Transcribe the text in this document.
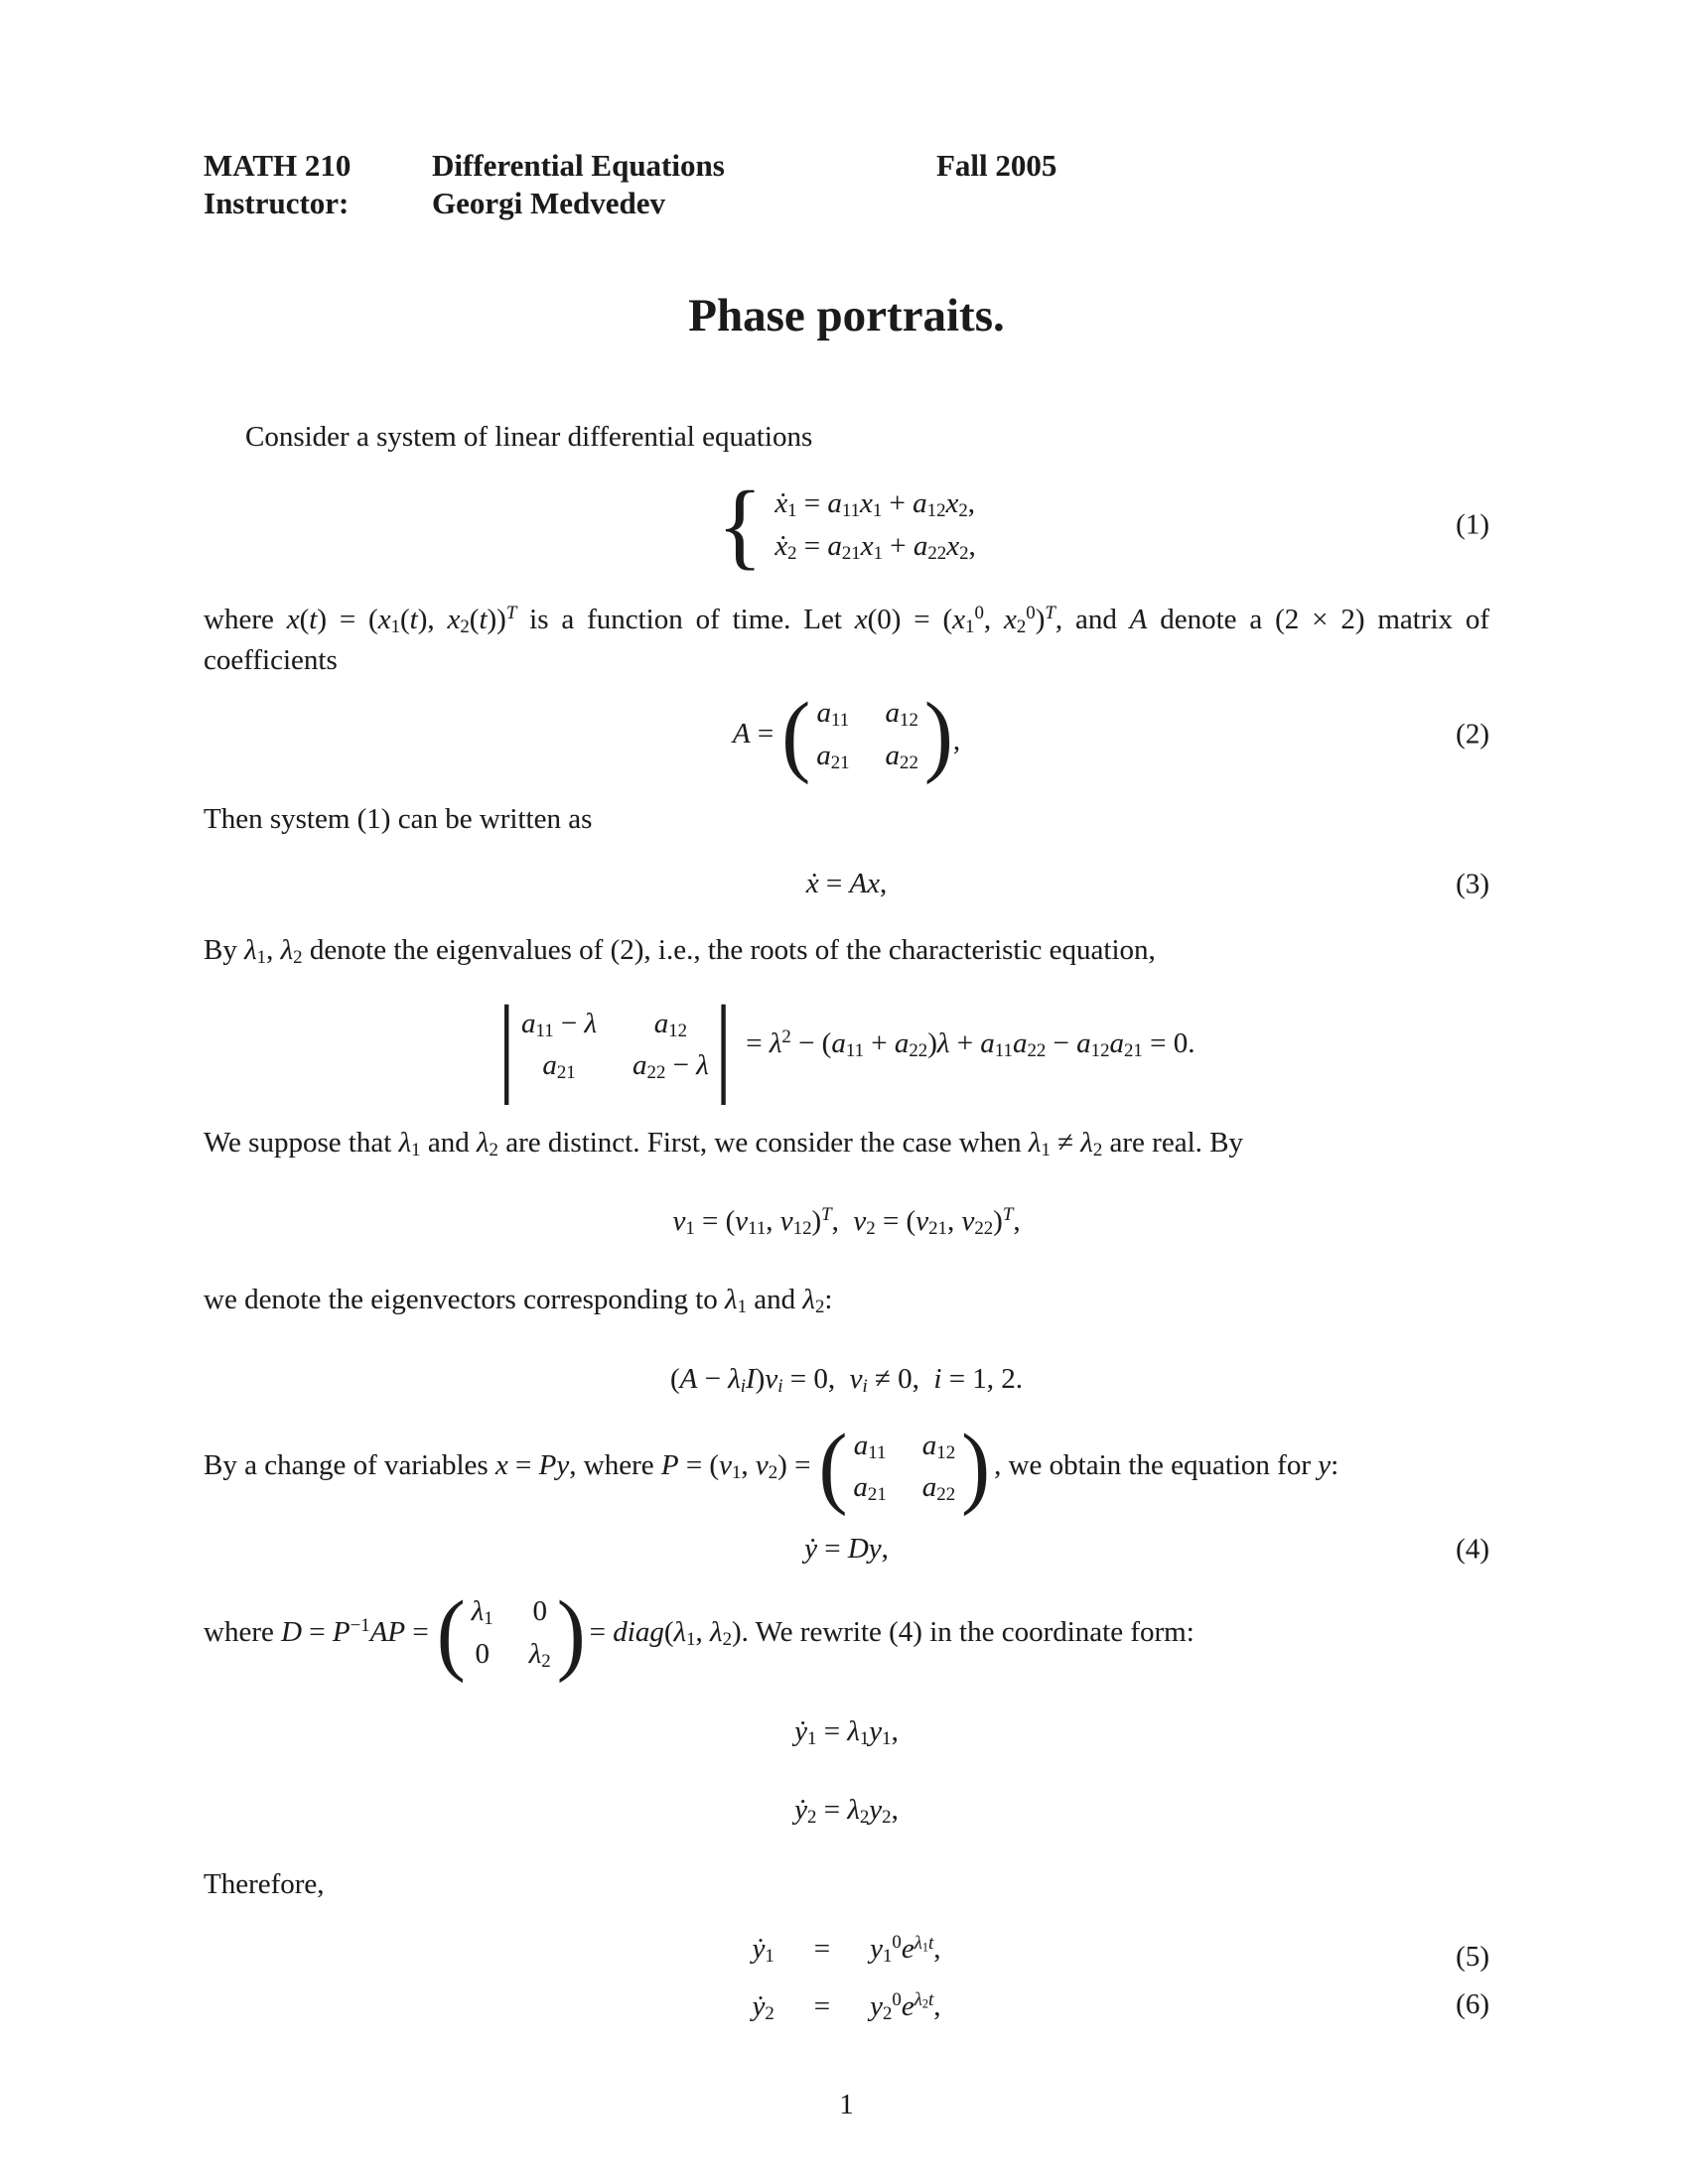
MATH 210	Differential Equations	Fall 2005
Instructor:	Georgi Medvedev
Phase portraits.

Consider a system of linear differential equations

{ $ẋ_1 = a_{11}x_1 + a_{12}x_2$,
$ẋ_2 = a_{21}x_1 + a_{22}x_2$,
(1)

where $x(t) = (x_1(t)$, $x_2(t))^T$ is a function of time. Let $x(0) = (x_1^0$, $x_2^0)^T$, and A denote a (2 × 2) matrix of
coefficients

A = ( $a_{11}$ $a_{12}$
$a_{21}$ $a_{22}$ ) ,	(2)

Then system (1) can be written as

ẋ = Ax,	(3)

By $\lambda_1$, $\lambda_2$ denote the eigenvalues of (2), i.e., the roots of the characteristic equation,

| $a_{11} - \lambda$ $a_{12}$
$a_{21}$ $a_{22} - \lambda$ | = $\lambda^2 - (a_{11} + a_{22})\lambda + a_{11}a_{22} - a_{12}a_{21} = 0$.

We suppose that $\lambda_1$ and $\lambda_2$ are distinct. First, we consider the case when $\lambda_1 \ne \lambda_2$ are real. By

$v_1 = (v_{11}$, $v_{12})^T$, $v_2 = (v_{21}$, $v_{22})^T$,

we denote the eigenvectors corresponding to $\lambda_1$ and $\lambda_2$:

$(A - \lambda_iI)v_i = 0$, $v_i \ne 0$, i = 1, 2.
By a change of variables x = Py, where $P = (v_1$, $v_2$) = ( $a_{11}$ $a_{12}$
$a_{21}$ $a_{22}$ ) , we obtain the equation for y:
ẏ = Dy,	(4)
where $D = P^{-1}AP$ = ( $\lambda_1$ 0
0 $\lambda_2$ ) = $diag(\lambda_1$, $\lambda_2$). We rewrite (4) in the coordinate form:
$ẏ_1 = \lambda_1y_1$,
$ẏ_2 = \lambda_2y_2$,

Therefore,

$ẏ_1 = y_1^0e^{\lambda_1t}$,
$ẏ_2 = y_2^0e^{\lambda_2t}$,
(5)
(6)
1
